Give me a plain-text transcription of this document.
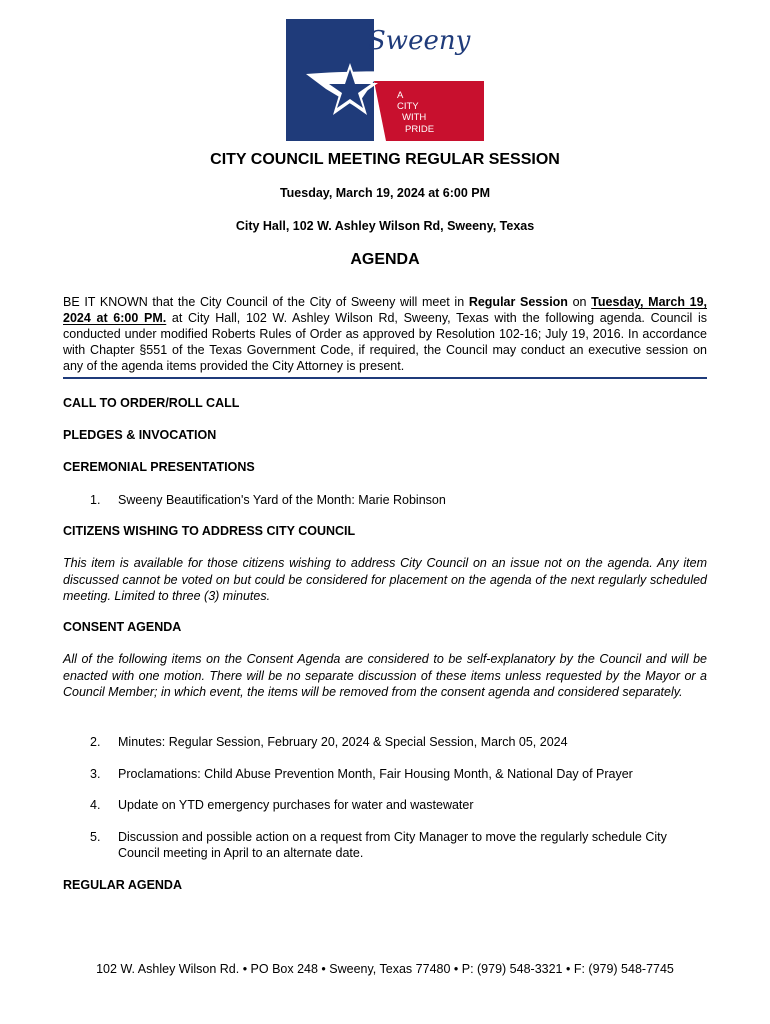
Sweeny
A
CITY
WITH
PRIDE
CITY COUNCIL MEETING REGULAR SESSION
Tuesday, March 19, 2024 at 6:00 PM
City Hall, 102 W. Ashley Wilson Rd, Sweeny, Texas
AGENDA
BE IT KNOWN that the City Council of the City of Sweeny will meet in Regular Session on Tuesday, March 19, 2024 at 6:00 PM. at City Hall, 102 W. Ashley Wilson Rd, Sweeny, Texas with the following agenda. Council is conducted under modified Roberts Rules of Order as approved by Resolution 102-16; July 19, 2016. In accordance with Chapter §551 of the Texas Government Code, if required, the Council may conduct an executive session on any of the agenda items provided the City Attorney is present.
CALL TO ORDER/ROLL CALL
PLEDGES & INVOCATION
CEREMONIAL PRESENTATIONS
1. Sweeny Beautification's Yard of the Month: Marie Robinson
CITIZENS WISHING TO ADDRESS CITY COUNCIL
This item is available for those citizens wishing to address City Council on an issue not on the agenda. Any item discussed cannot be voted on but could be considered for placement on the agenda of the next regularly scheduled meeting. Limited to three (3) minutes.
CONSENT AGENDA
All of the following items on the Consent Agenda are considered to be self-explanatory by the Council and will be enacted with one motion. There will be no separate discussion of these items unless requested by the Mayor or a Council Member; in which event, the items will be removed from the consent agenda and considered separately.
2. Minutes: Regular Session, February 20, 2024 & Special Session, March 05, 2024
3. Proclamations: Child Abuse Prevention Month, Fair Housing Month, & National Day of Prayer
4. Update on YTD emergency purchases for water and wastewater
5. Discussion and possible action on a request from City Manager to move the regularly schedule City Council meeting in April to an alternate date.
REGULAR AGENDA
102 W. Ashley Wilson Rd. • PO Box 248 • Sweeny, Texas 77480 • P: (979) 548-3321 • F: (979) 548-7745
